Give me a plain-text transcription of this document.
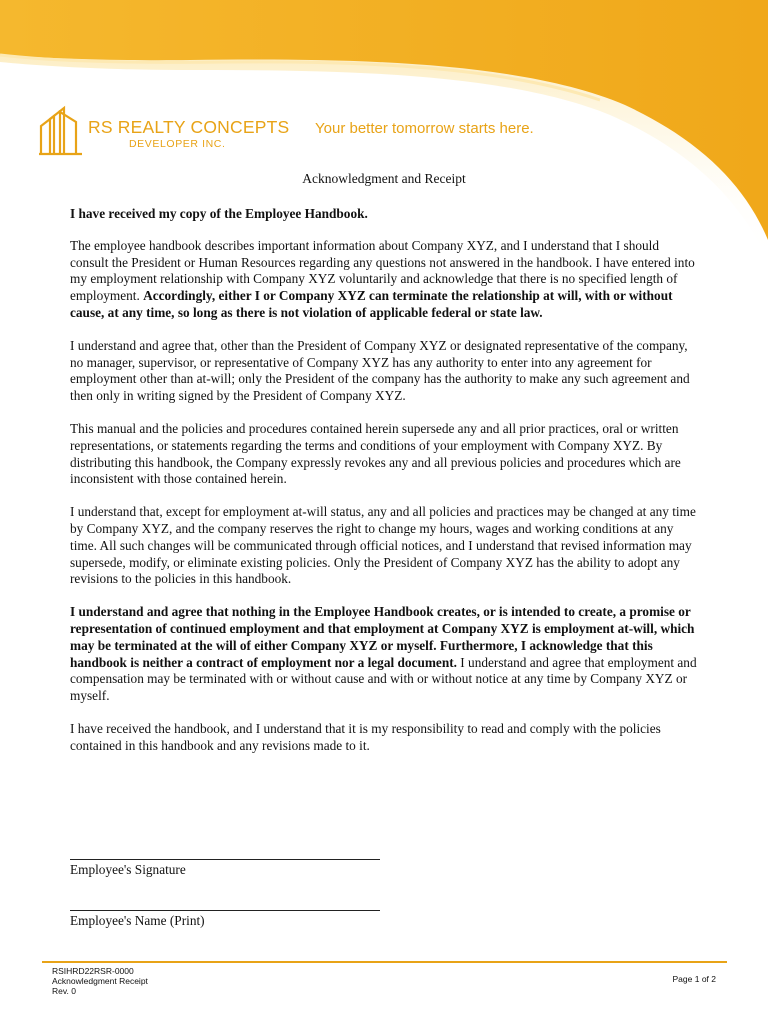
RS REALTY CONCEPTS
DEVELOPER INC.
Your better tomorrow starts here.
Acknowledgment and Receipt

I have received my copy of the Employee Handbook.

The employee handbook describes important information about Company XYZ, and I understand that I should consult the President or Human Resources regarding any questions not answered in the handbook. I have entered into my employment relationship with Company XYZ voluntarily and acknowledge that there is no specified length of employment. Accordingly, either I or Company XYZ can terminate the relationship at will, with or without cause, at any time, so long as there is not violation of applicable federal or state law.

I understand and agree that, other than the President of Company XYZ or designated representative of the company, no manager, supervisor, or representative of Company XYZ has any authority to enter into any agreement for employment other than at-will; only the President of the company has the authority to make any such agreement and then only in writing signed by the President of Company XYZ.

This manual and the policies and procedures contained herein supersede any and all prior practices, oral or written representations, or statements regarding the terms and conditions of your employment with Company XYZ. By distributing this handbook, the Company expressly revokes any and all previous policies and procedures which are inconsistent with those contained herein.

I understand that, except for employment at-will status, any and all policies and practices may be changed at any time by Company XYZ, and the company reserves the right to change my hours, wages and working conditions at any time. All such changes will be communicated through official notices, and I understand that revised information may supersede, modify, or eliminate existing policies. Only the President of Company XYZ has the ability to adopt any revisions to the policies in this handbook.

I understand and agree that nothing in the Employee Handbook creates, or is intended to create, a promise or representation of continued employment and that employment at Company XYZ is employment at-will, which may be terminated at the will of either Company XYZ or myself. Furthermore, I acknowledge that this handbook is neither a contract of employment nor a legal document. I understand and agree that employment and compensation may be terminated with or without cause and with or without notice at any time by Company XYZ or myself.

I have received the handbook, and I understand that it is my responsibility to read and comply with the policies contained in this handbook and any revisions made to it.

Employee's Signature
Employee's Name (Print)
RSIHRD22RSR-0000
Acknowledgment Receipt
Rev. 0
Page 1 of 2
